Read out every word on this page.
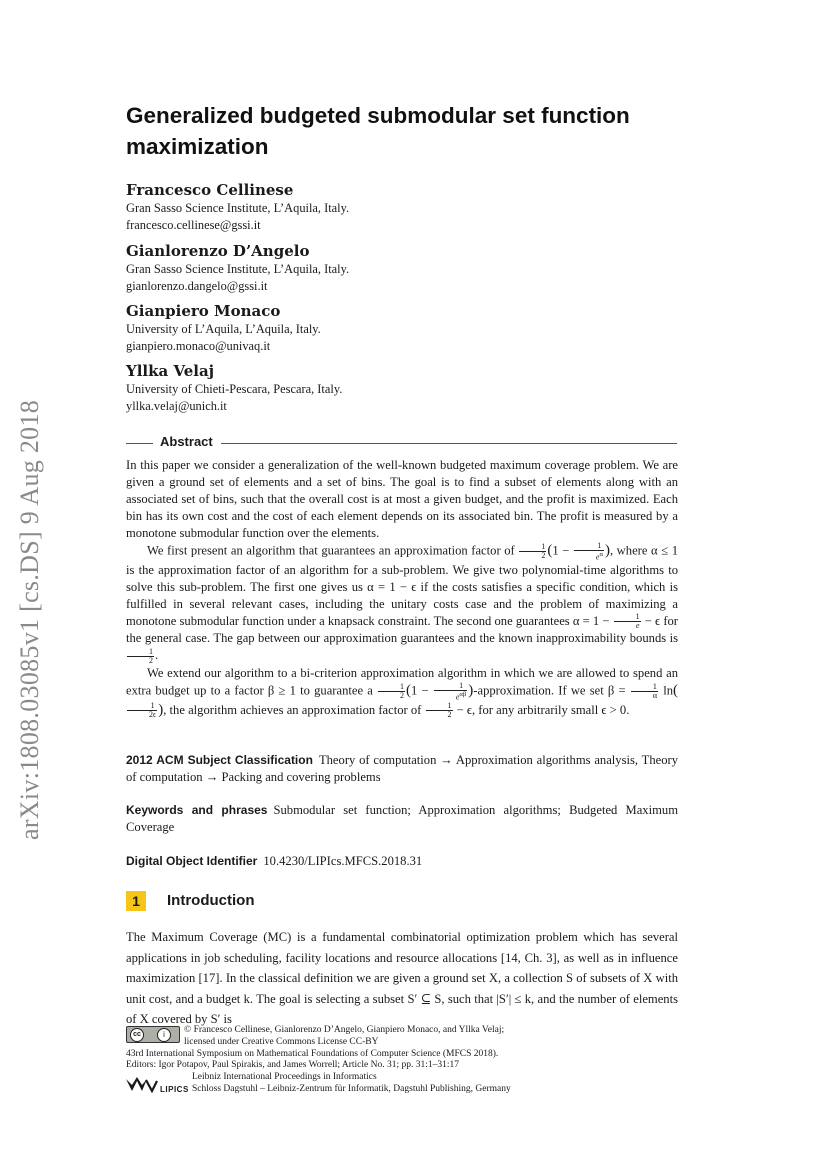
arXiv:1808.03085v1 [cs.DS] 9 Aug 2018
Generalized budgeted submodular set function maximization
Francesco Cellinese
Gran Sasso Science Institute, L’Aquila, Italy.
francesco.cellinese@gssi.it
Gianlorenzo D’Angelo
Gran Sasso Science Institute, L’Aquila, Italy.
gianlorenzo.dangelo@gssi.it
Gianpiero Monaco
University of L’Aquila, L’Aquila, Italy.
gianpiero.monaco@univaq.it
Yllka Velaj
University of Chieti-Pescara, Pescara, Italy.
yllka.velaj@unich.it
Abstract

In this paper we consider a generalization of the well-known budgeted maximum coverage problem. We are given a ground set of elements and a set of bins. The goal is to find a subset of elements along with an associated set of bins, such that the overall cost is at most a given budget, and the profit is maximized. Each bin has its own cost and the cost of each element depends on its associated bin. The profit is measured by a monotone submodular function over the elements.

We first present an algorithm that guarantees an approximation factor of $\frac{1}{2} (1 - \frac{1}{e^\alpha}$ ), where α ≤ 1 is the approximation factor of an algorithm for a sub-problem. We give two polynomial-time algorithms to solve this sub-problem. The first one gives us α = 1 − ϵ if the costs satisfies a specific condition, which is fulfilled in several relevant cases, including the unitary costs case and the problem of maximizing a monotone submodular function under a knapsack constraint. The second one guarantees $\alpha = 1 - \frac{1}{e} - \epsilon$ for the general case. The gap between our approximation guarantees and the known inapproximability bounds is
$\frac{1}{2}$ .

We extend our algorithm to a bi-criterion approximation algorithm in which we are allowed to spend an extra budget up to a factor β ≥ 1 to guarantee a $\frac{1}{2} (1 - \frac{1}{e^{\alpha\beta}}$ )-approximation. If we set $\beta = \frac{1}{\alpha} \ln$(
$\frac{1}{2\epsilon}$ ), the algorithm achieves an approximation factor of $\frac{1}{2} - \epsilon$, for any arbitrarily small ϵ > 0.

2012 ACM Subject Classification Theory of computation → Approximation algorithms analysis, Theory of computation → Packing and covering problems
Keywords and phrases Submodular set function; Approximation algorithms; Budgeted Maximum Coverage
Digital Object Identifier 10.4230/LIPIcs.MFCS.2018.31
1	Introduction

The Maximum Coverage (MC) is a fundamental combinatorial optimization problem which has several applications in job scheduling, facility locations and resource allocations [14, Ch. 3], as well as in influence maximization [17]. In the classical definition we are given a ground set X, a collection S of subsets of X with unit cost, and a budget k. The goal is selecting a subset S′ ⊆ S, such that |S′| ≤ k, and the number of elements of X covered by S′ is

cc	i	© Francesco Cellinese, Gianlorenzo D’Angelo, Gianpiero Monaco, and Yllka Velaj;
licensed under Creative Commons License CC-BY
43rd International Symposium on Mathematical Foundations of Computer Science (MFCS 2018).
Editors: Igor Potapov, Paul Spirakis, and James Worrell; Article No. 31; pp. 31:1–31:17
Leibniz International Proceedings in Informatics
LIPICS Schloss Dagstuhl – Leibniz-Zentrum für Informatik, Dagstuhl Publishing, Germany
